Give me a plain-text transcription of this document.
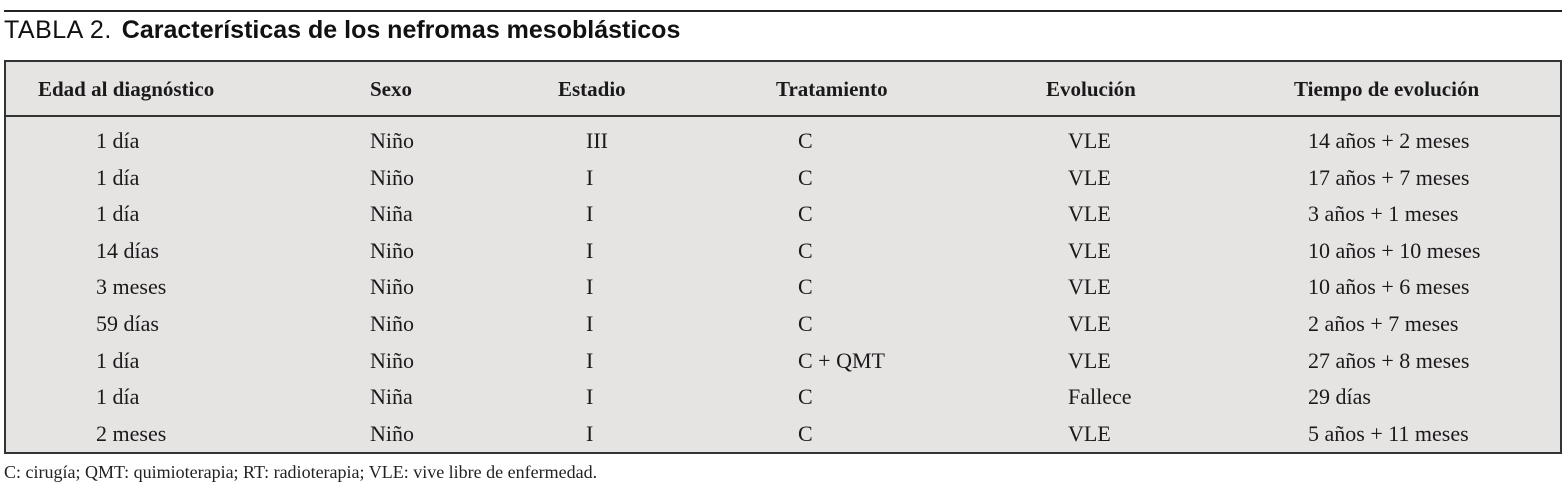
TABLA 2. Características de los nefromas mesoblásticos
Edad al diagnóstico	Sexo	Estadio	Tratamiento	Evolución	Tiempo de evolución
1 día	Niño	III	C	VLE	14 años + 2 meses
1 día	Niño	I	C	VLE	17 años + 7 meses
1 día	Niña	I	C	VLE	3 años + 1 meses
14 días	Niño	I	C	VLE	10 años + 10 meses
3 meses	Niño	I	C	VLE	10 años + 6 meses
59 días	Niño	I	C	VLE	2 años + 7 meses
1 día	Niño	I	C + QMT	VLE	27 años + 8 meses
1 día	Niña	I	C	Fallece	29 días
2 meses	Niño	I	C	VLE	5 años + 11 meses
C: cirugía; QMT: quimioterapia; RT: radioterapia; VLE: vive libre de enfermedad.
